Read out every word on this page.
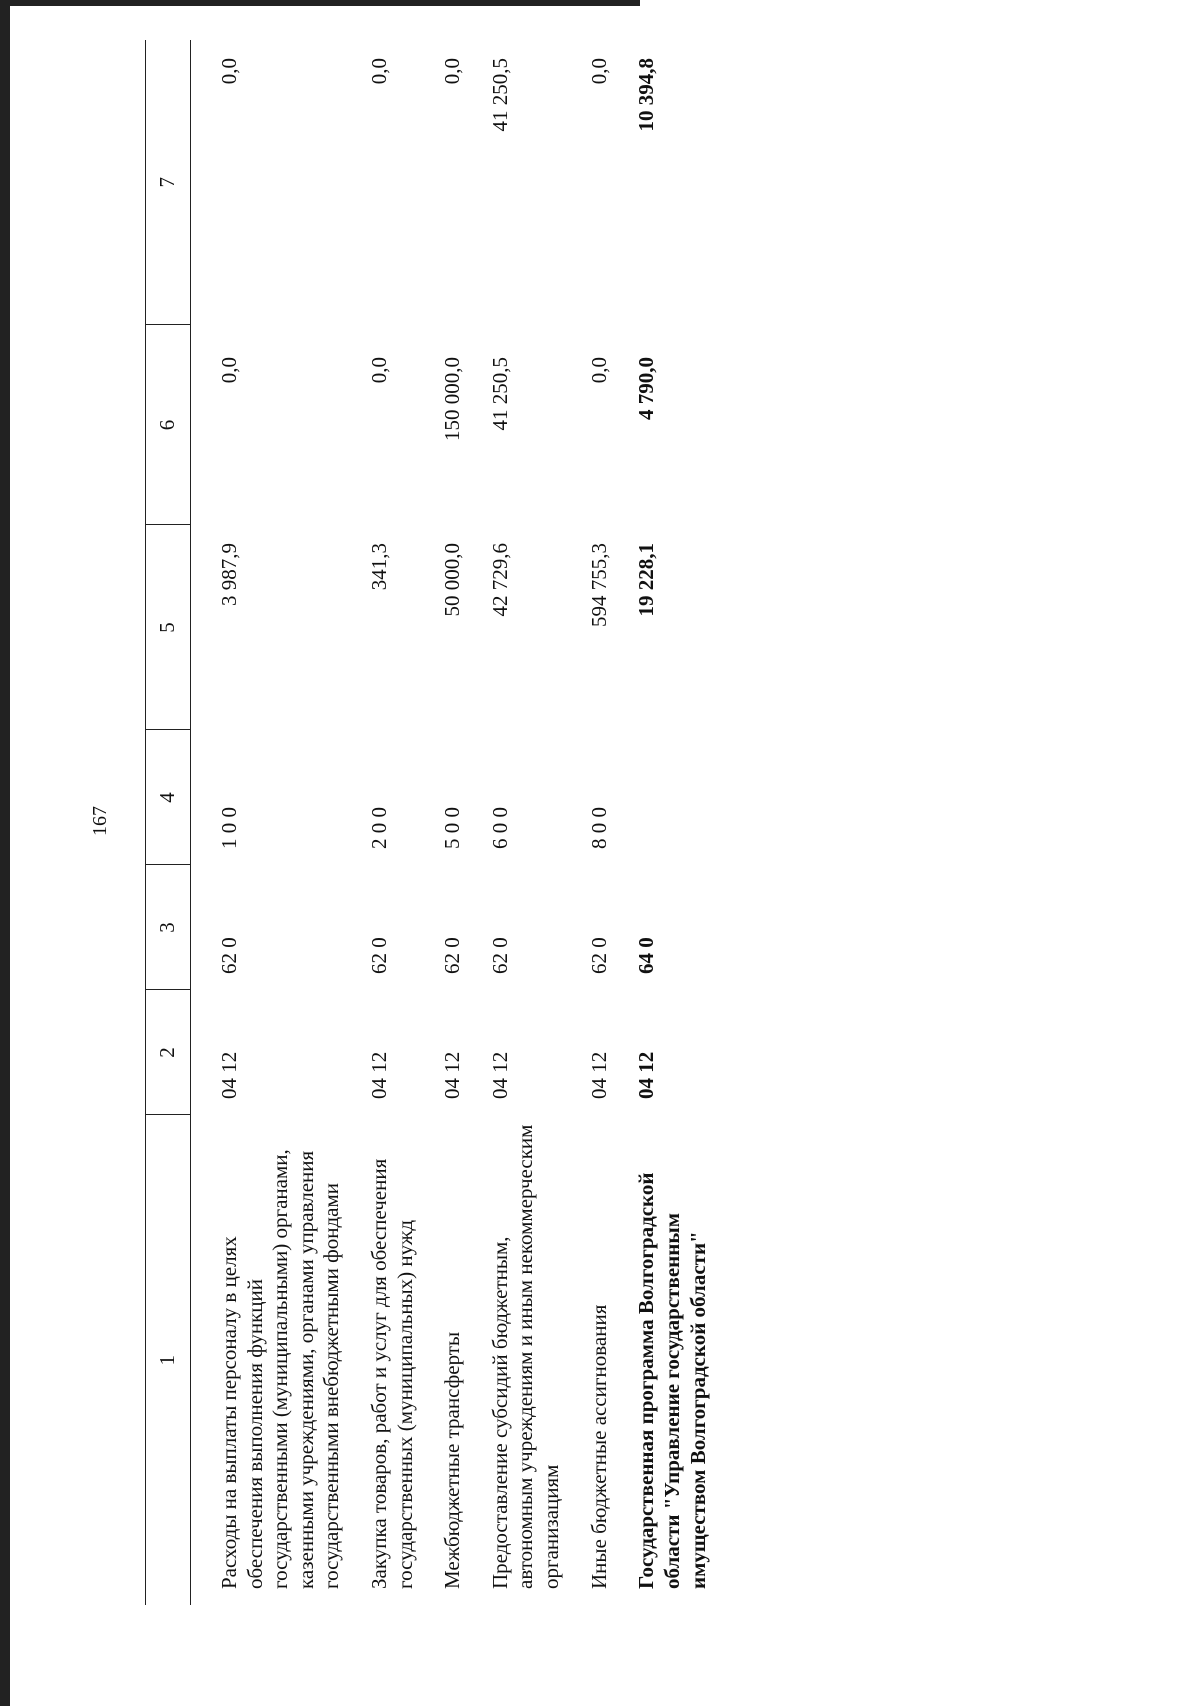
167
1	2	3	4	5	6	7
Расходы на выплаты персоналу в целях обеспечения выполнения функций государственными (муниципальными) органами, казенными учреждениями, органами управления государственными внебюджетными фондами	04 12	62 0	1 0 0	3 987,9	0,0	0,0
Закупка товаров, работ и услуг для обеспечения государственных (муниципальных) нужд	04 12	62 0	2 0 0	341,3	0,0	0,0
Межбюджетные трансферты	04 12	62 0	5 0 0	50 000,0	150 000,0	0,0
Предоставление субсидий бюджетным, автономным учреждениям и иным некоммерческим организациям	04 12	62 0	6 0 0	42 729,6	41 250,5	41 250,5
Иные бюджетные ассигнования	04 12	62 0	8 0 0	594 755,3	0,0	0,0
Государственная программа Волгоградской области "Управление государственным имуществом Волгоградской области"	04 12	64 0		19 228,1	4 790,0	10 394,8
